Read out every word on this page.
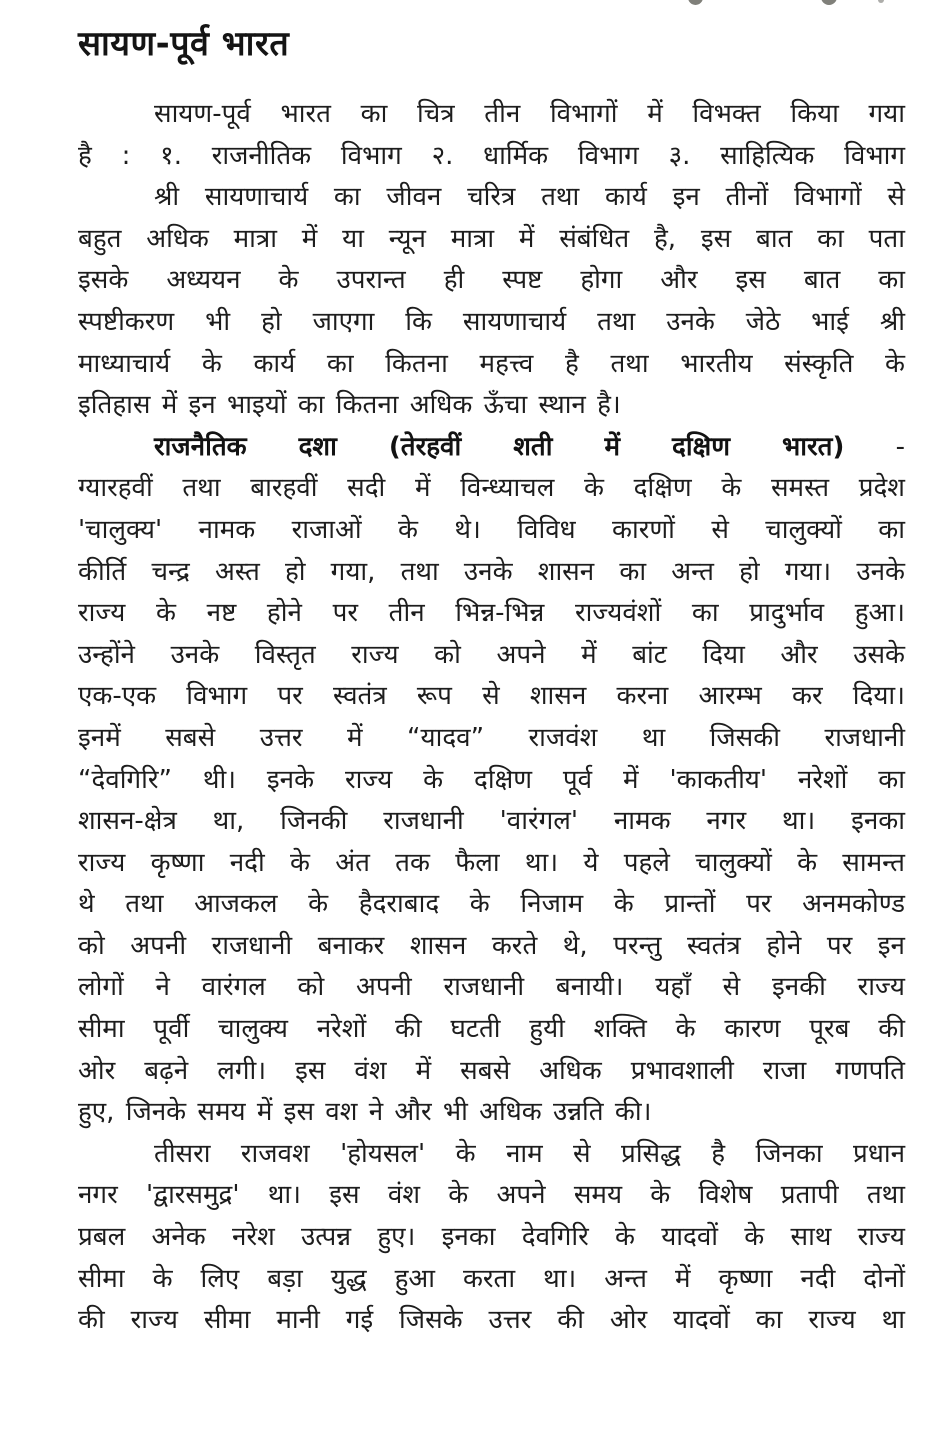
सायण-पूर्व भारत
सायण-पूर्व भारत का चित्र तीन विभागों में विभक्त किया गया
है : १. राजनीतिक विभाग २. धार्मिक विभाग ३. साहित्यिक विभाग
श्री सायणाचार्य का जीवन चरित्र तथा कार्य इन तीनों विभागों से
बहुत अधिक मात्रा में या न्यून मात्रा में संबंधित है, इस बात का पता
इसके अध्ययन के उपरान्त ही स्पष्ट होगा और इस बात का
स्पष्टीकरण भी हो जाएगा कि सायणाचार्य तथा उनके जेठे भाई श्री
माध्याचार्य के कार्य का कितना महत्त्व है तथा भारतीय संस्कृति के
इतिहास में इन भाइयों का कितना अधिक ऊँचा स्थान है।
राजनैतिक दशा (तेरहवीं शती में दक्षिण भारत) -
ग्यारहवीं तथा बारहवीं सदी में विन्ध्याचल के दक्षिण के समस्त प्रदेश
'चालुक्य' नामक राजाओं के थे। विविध कारणों से चालुक्यों का
कीर्ति चन्द्र अस्त हो गया, तथा उनके शासन का अन्त हो गया। उनके
राज्य के नष्ट होने पर तीन भिन्न-भिन्न राज्यवंशों का प्रादुर्भाव हुआ।
उन्होंने उनके विस्तृत राज्य को अपने में बांट दिया और उसके
एक-एक विभाग पर स्वतंत्र रूप से शासन करना आरम्भ कर दिया।
इनमें सबसे उत्तर में “यादव” राजवंश था जिसकी राजधानी
“देवगिरि” थी। इनके राज्य के दक्षिण पूर्व में 'काकतीय' नरेशों का
शासन-क्षेत्र था, जिनकी राजधानी 'वारंगल' नामक नगर था। इनका
राज्य कृष्णा नदी के अंत तक फैला था। ये पहले चालुक्यों के सामन्त
थे तथा आजकल के हैदराबाद के निजाम के प्रान्तों पर अनमकोण्ड
को अपनी राजधानी बनाकर शासन करते थे, परन्तु स्वतंत्र होने पर इन
लोगों ने वारंगल को अपनी राजधानी बनायी। यहाँ से इनकी राज्य
सीमा पूर्वी चालुक्य नरेशों की घटती हुयी शक्ति के कारण पूरब की
ओर बढ़ने लगी। इस वंश में सबसे अधिक प्रभावशाली राजा गणपति
हुए, जिनके समय में इस वश ने और भी अधिक उन्नति की।
तीसरा राजवश 'होयसल' के नाम से प्रसिद्ध है जिनका प्रधान
नगर 'द्वारसमुद्र' था। इस वंश के अपने समय के विशेष प्रतापी तथा
प्रबल अनेक नरेश उत्पन्न हुए। इनका देवगिरि के यादवों के साथ राज्य
सीमा के लिए बड़ा युद्ध हुआ करता था। अन्त में कृष्णा नदी दोनों
की राज्य सीमा मानी गई जिसके उत्तर की ओर यादवों का राज्य था
